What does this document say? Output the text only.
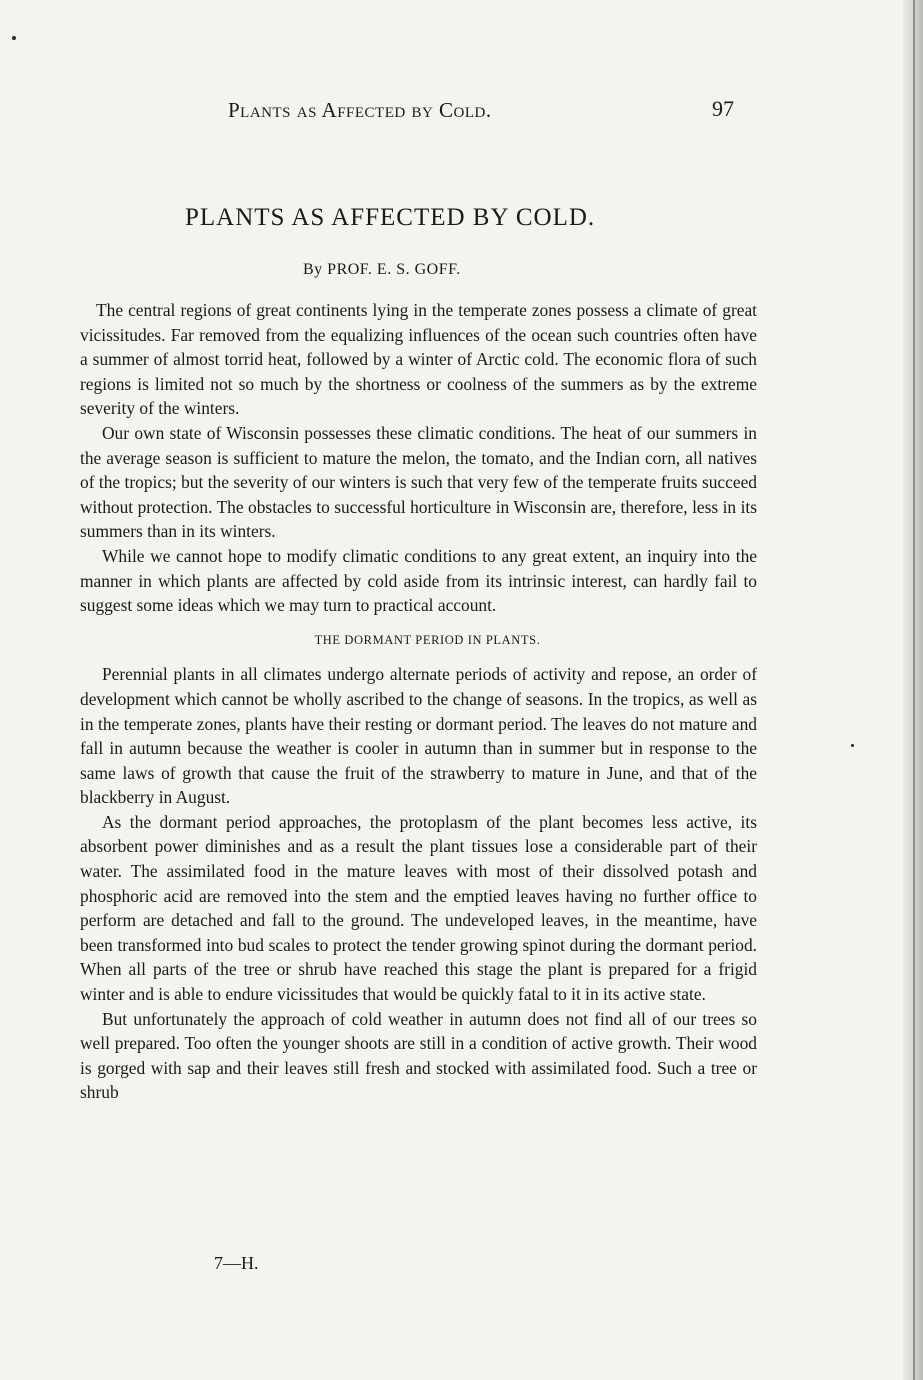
Plants as Affected by Cold.	97
PLANTS AS AFFECTED BY COLD.
By PROF. E. S. GOFF.

The central regions of great continents lying in the temperate zones possess a climate of great vicissitudes. Far removed from the equalizing influences of the ocean such countries often have a summer of almost torrid heat, followed by a winter of Arctic cold. The economic flora of such regions is limited not so much by the shortness or coolness of the summers as by the extreme severity of the winters.

Our own state of Wisconsin possesses these climatic conditions. The heat of our summers in the average season is sufficient to mature the melon, the tomato, and the Indian corn, all natives of the tropics; but the severity of our winters is such that very few of the temperate fruits succeed without protection. The obstacles to successful horticulture in Wisconsin are, therefore, less in its summers than in its winters.

While we cannot hope to modify climatic conditions to any great extent, an inquiry into the manner in which plants are affected by cold aside from its intrinsic interest, can hardly fail to suggest some ideas which we may turn to practical account.

THE DORMANT PERIOD IN PLANTS.

Perennial plants in all climates undergo alternate periods of activity and repose, an order of development which cannot be wholly ascribed to the change of seasons. In the tropics, as well as in the temperate zones, plants have their resting or dormant period. The leaves do not mature and fall in autumn because the weather is cooler in autumn than in summer but in response to the same laws of growth that cause the fruit of the strawberry to mature in June, and that of the blackberry in August.

As the dormant period approaches, the protoplasm of the plant becomes less active, its absorbent power diminishes and as a result the plant tissues lose a considerable part of their water. The assimilated food in the mature leaves with most of their dissolved potash and phosphoric acid are removed into the stem and the emptied leaves having no further office to perform are detached and fall to the ground. The undeveloped leaves, in the meantime, have been transformed into bud scales to protect the tender growing spinot during the dormant period. When all parts of the tree or shrub have reached this stage the plant is prepared for a frigid winter and is able to endure vicissitudes that would be quickly fatal to it in its active state.

But unfortunately the approach of cold weather in autumn does not find all of our trees so well prepared. Too often the younger shoots are still in a condition of active growth. Their wood is gorged with sap and their leaves still fresh and stocked with assimilated food. Such a tree or shrub

7—H.
